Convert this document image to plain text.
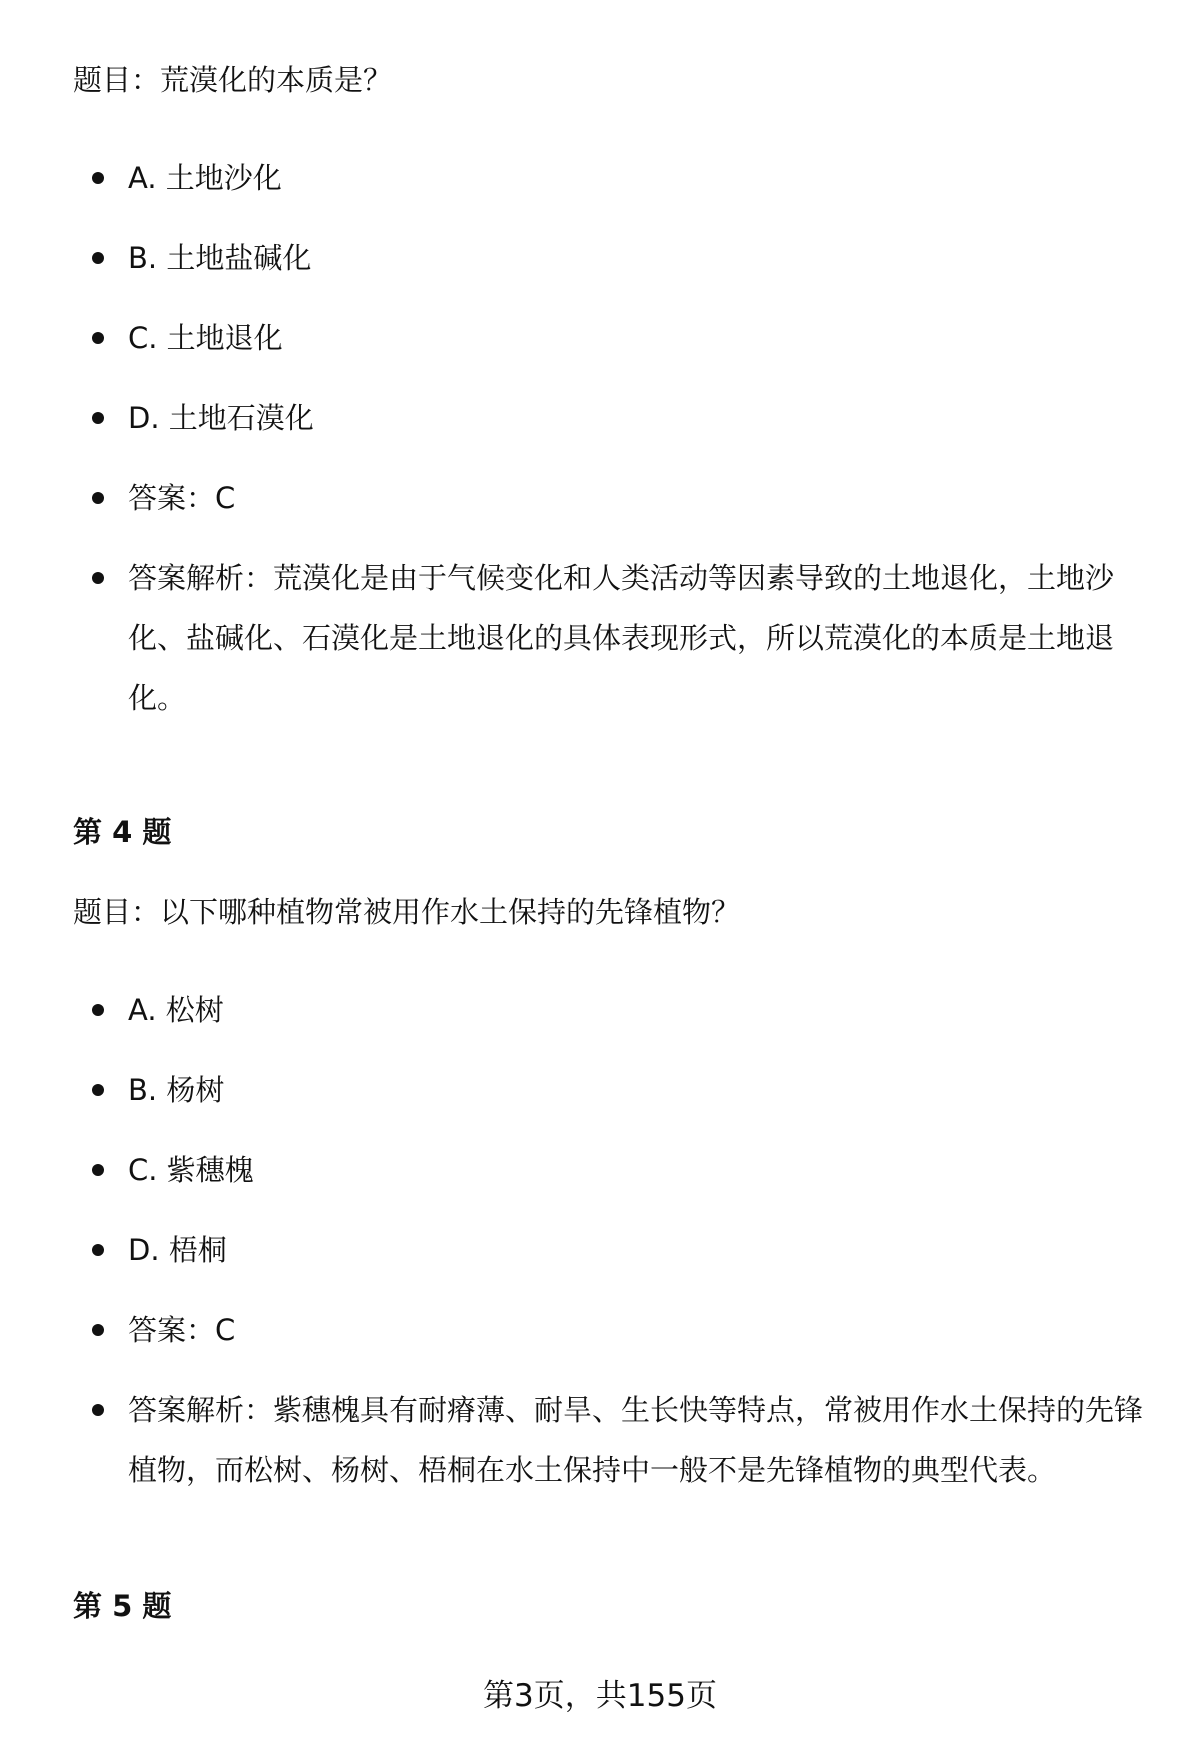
题目：荒漠化的本质是？
A. 土地沙化
B. 土地盐碱化
C. 土地退化
D. 土地石漠化
答案：C
答案解析：荒漠化是由于气候变化和人类活动等因素导致的土地退化，土地沙化、盐碱化、石漠化是土地退化的具体表现形式，所以荒漠化的本质是土地退化。
第 4 题
题目：以下哪种植物常被用作水土保持的先锋植物？
A. 松树
B. 杨树
C. 紫穗槐
D. 梧桐
答案：C
答案解析：紫穗槐具有耐瘠薄、耐旱、生长快等特点，常被用作水土保持的先锋植物，而松树、杨树、梧桐在水土保持中一般不是先锋植物的典型代表。
第 5 题
第3页，共155页
